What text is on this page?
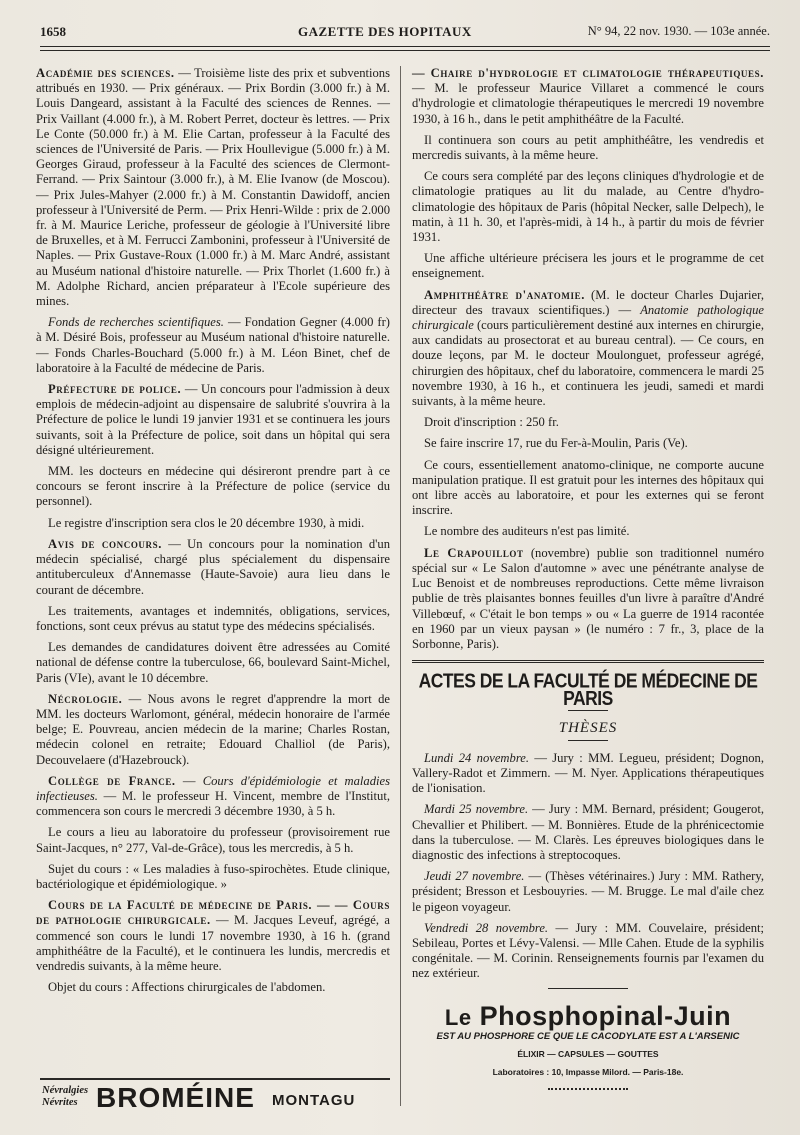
1658	GAZETTE DES HOPITAUX	N° 94, 22 nov. 1930. — 103e année.
Académie des sciences. — Troisième liste des prix et subventions attribués en 1930. — Prix généraux. — Prix Bordin (3.000 fr.) à M. Louis Dangeard, assistant à la Faculté des sciences de Rennes. — Prix Vaillant (4.000 fr.), à M. Robert Perret, docteur ès lettres. — Prix Le Conte (50.000 fr.) à M. Elie Cartan, professeur à la Faculté des sciences de l'Université de Paris. — Prix Houllevigue (5.000 fr.) à M. Georges Giraud, professeur à la Faculté des sciences de Clermont-Ferrand. — Prix Saintour (3.000 fr.), à M. Elie Ivanow (de Moscou). — Prix Jules-Mahyer (2.000 fr.) à M. Constantin Dawidoff, ancien professeur à l'Université de Perm. — Prix Henri-Wilde : prix de 2.000 fr. à M. Maurice Leriche, professeur de géologie à l'Université libre de Bruxelles, et à M. Ferrucci Zambonini, professeur à l'Université de Naples. — Prix Gustave-Roux (1.000 fr.) à M. Marc André, assistant au Muséum national d'histoire naturelle. — Prix Thorlet (1.600 fr.) à M. Adolphe Richard, ancien préparateur à l'Ecole supérieure des mines.
Fonds de recherches scientifiques. — Fondation Gegner (4.000 fr) à M. Désiré Bois, professeur au Muséum national d'histoire naturelle. — Fonds Charles-Bouchard (5.000 fr.) à M. Léon Binet, chef de laboratoire à la Faculté de médecine de Paris.
Préfecture de police. — Un concours pour l'admission à deux emplois de médecin-adjoint au dispensaire de salubrité s'ouvrira à la Préfecture de police le lundi 19 janvier 1931 et se continuera les jours suivants, soit à la Préfecture de police, soit dans un hôpital qui sera désigné ultérieurement.
MM. les docteurs en médecine qui désireront prendre part à ce concours se feront inscrire à la Préfecture de police (service du personnel).
Le registre d'inscription sera clos le 20 décembre 1930, à midi.
Avis de concours. — Un concours pour la nomination d'un médecin spécialisé, chargé plus spécialement du dispensaire antituberculeux d'Annemasse (Haute-Savoie) aura lieu dans le courant de décembre.
Les traitements, avantages et indemnités, obligations, services, fonctions, sont ceux prévus au statut type des médecins spécialisés.
Les demandes de candidatures doivent être adressées au Comité national de défense contre la tuberculose, 66, boulevard Saint-Michel, Paris (VIe), avant le 10 décembre.
Nécrologie. — Nous avons le regret d'apprendre la mort de MM. les docteurs Warlomont, général, médecin honoraire de l'armée belge; E. Pouvreau, ancien médecin de la marine; Charles Rostan, médecin colonel en retraite; Edouard Challiol (de Paris), Decouvelaere (d'Hazebrouck).
Collège de France. — Cours d'épidémiologie et maladies infectieuses. — M. le professeur H. Vincent, membre de l'Institut, commencera son cours le mercredi 3 décembre 1930, à 5 h.
Le cours a lieu au laboratoire du professeur (provisoirement rue Saint-Jacques, n° 277, Val-de-Grâce), tous les mercredis, à 5 h.
Sujet du cours : « Les maladies à fuso-spirochètes. Etude clinique, bactériologique et épidémiologique. »
Cours de la Faculté de médecine de Paris. — — Cours de pathologie chirurgicale. — M. Jacques Leveuf, agrégé, a commencé son cours le lundi 17 novembre 1930, à 16 h. (grand amphithéâtre de la Faculté), et le continuera les lundis, mercredis et vendredis suivants, à la même heure.
Objet du cours : Affections chirurgicales de l'abdomen.
Névralgies
Névrites BROMÉINE MONTAGU
— Chaire d'hydrologie et climatologie thérapeutiques. — M. le professeur Maurice Villaret a commencé le cours d'hydrologie et climatologie thérapeutiques le mercredi 19 novembre 1930, à 16 h., dans le petit amphithéâtre de la Faculté.
Il continuera son cours au petit amphithéâtre, les vendredis et mercredis suivants, à la même heure.
Ce cours sera complété par des leçons cliniques d'hydrologie et de climatologie pratiques au lit du malade, au Centre d'hydro-climatologie des hôpitaux de Paris (hôpital Necker, salle Delpech), le matin, à 11 h. 30, et l'après-midi, à 14 h., à partir du mois de février 1931.
Une affiche ultérieure précisera les jours et le programme de cet enseignement.
Amphithéâtre d'anatomie. (M. le docteur Charles Dujarier, directeur des travaux scientifiques.) — Anatomie pathologique chirurgicale (cours particulièrement destiné aux internes en chirurgie, aux candidats au prosectorat et au bureau central). — Ce cours, en douze leçons, par M. le docteur Moulonguet, professeur agrégé, chirurgien des hôpitaux, chef du laboratoire, commencera le mardi 25 novembre 1930, à 16 h., et continuera les jeudi, samedi et mardi suivants, à la même heure.
Droit d'inscription : 250 fr.
Se faire inscrire 17, rue du Fer-à-Moulin, Paris (Ve).
Ce cours, essentiellement anatomo-clinique, ne comporte aucune manipulation pratique. Il est gratuit pour les internes des hôpitaux qui ont libre accès au laboratoire, et pour les externes qui se feront inscrire.
Le nombre des auditeurs n'est pas limité.
Le Crapouillot (novembre) publie son traditionnel numéro spécial sur « Le Salon d'automne » avec une pénétrante analyse de Luc Benoist et de nombreuses reproductions. Cette même livraison publie de très plaisantes bonnes feuilles d'un livre à paraître d'André Villebœuf, « C'était le bon temps » ou « La guerre de 1914 racontée en 1960 par un vieux paysan » (le numéro : 7 fr., 3, place de la Sorbonne, Paris).
ACTES DE LA FACULTÉ DE MÉDECINE DE PARIS
THÈSES
Lundi 24 novembre. — Jury : MM. Legueu, président; Dognon, Vallery-Radot et Zimmern. — M. Nyer. Applications thérapeutiques de l'ionisation.
Mardi 25 novembre. — Jury : MM. Bernard, président; Gougerot, Chevallier et Philibert. — M. Bonnières. Etude de la phrénicectomie dans la tuberculose. — M. Clarès. Les épreuves biologiques dans le diagnostic des infections à streptocoques.
Jeudi 27 novembre. — (Thèses vétérinaires.) Jury : MM. Rathery, président; Bresson et Lesbouyries. — M. Brugge. Le mal d'aile chez le pigeon voyageur.
Vendredi 28 novembre. — Jury : MM. Couvelaire, président; Sebileau, Portes et Lévy-Valensi. — Mlle Cahen. Etude de la syphilis congénitale. — M. Corinin. Renseignements fournis par l'examen du nez extérieur.
Le Phosphopinal-Juin
EST AU PHOSPHORE CE QUE LE CACODYLATE EST A L'ARSENIC
ÉLIXIR — CAPSULES — GOUTTES
Laboratoires : 10, Impasse Milord. — Paris-18e.
